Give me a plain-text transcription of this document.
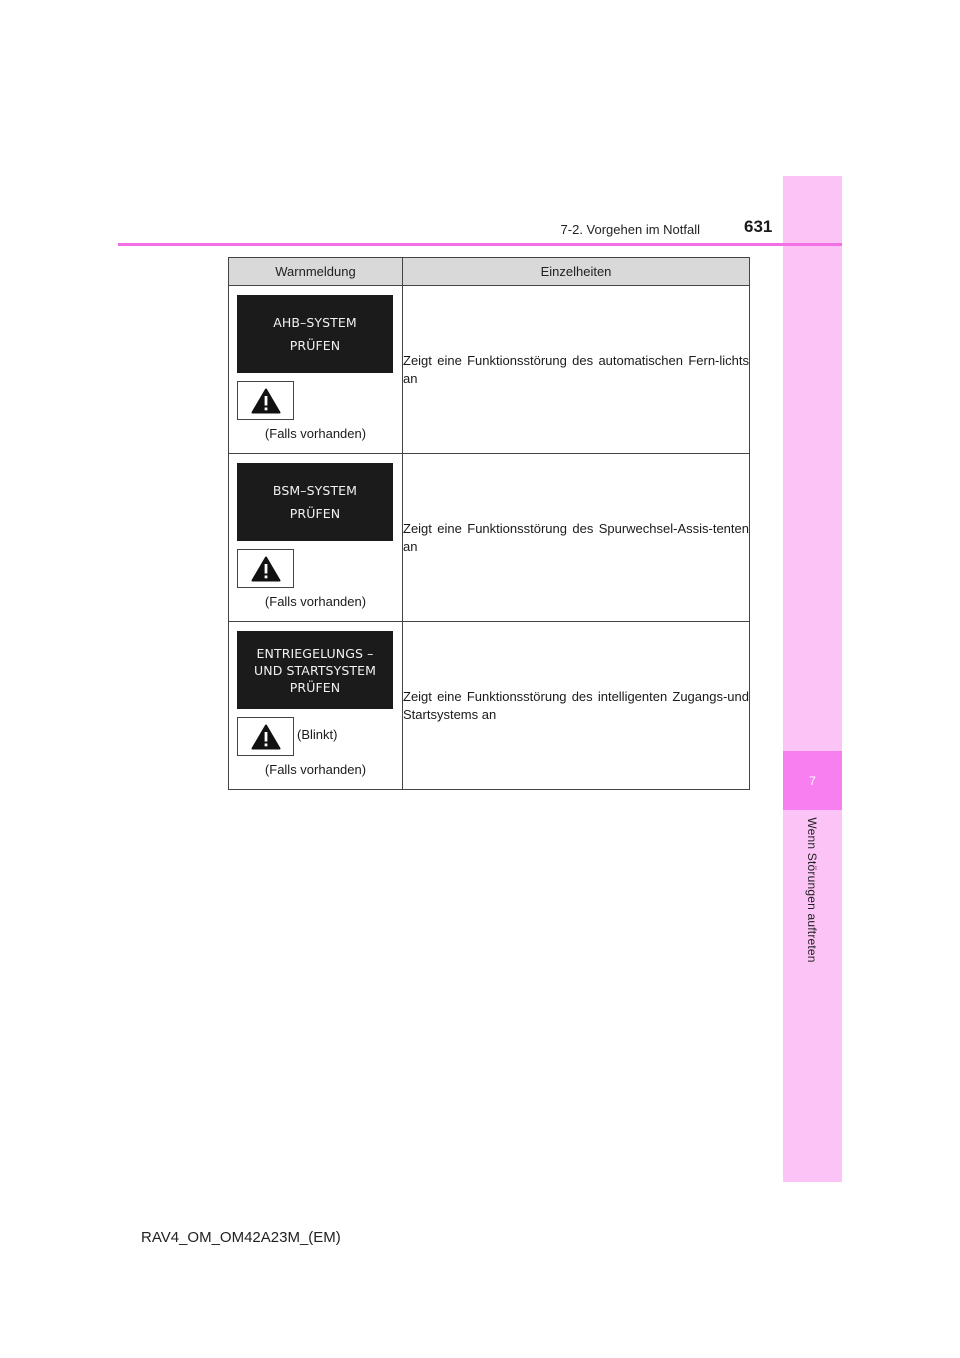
7
Wenn Störungen auftreten
7-2. Vorgehen im Notfall	631
Warnmeldung	Einzelheiten

AHB–SYSTEM
PRÜFEN
(Falls vorhanden)	Zeigt eine Funktionsstörung des automatischen Fern-lichts an

BSM–SYSTEM
PRÜFEN
(Falls vorhanden)	Zeigt eine Funktionsstörung des Spurwechsel-Assis-tenten an

ENTRIEGELUNGS –
UND STARTSYSTEM
PRÜFEN
(Blinkt)
(Falls vorhanden)	Zeigt eine Funktionsstörung des intelligenten Zugangs-und Startsystems an
RAV4_OM_OM42A23M_(EM)
